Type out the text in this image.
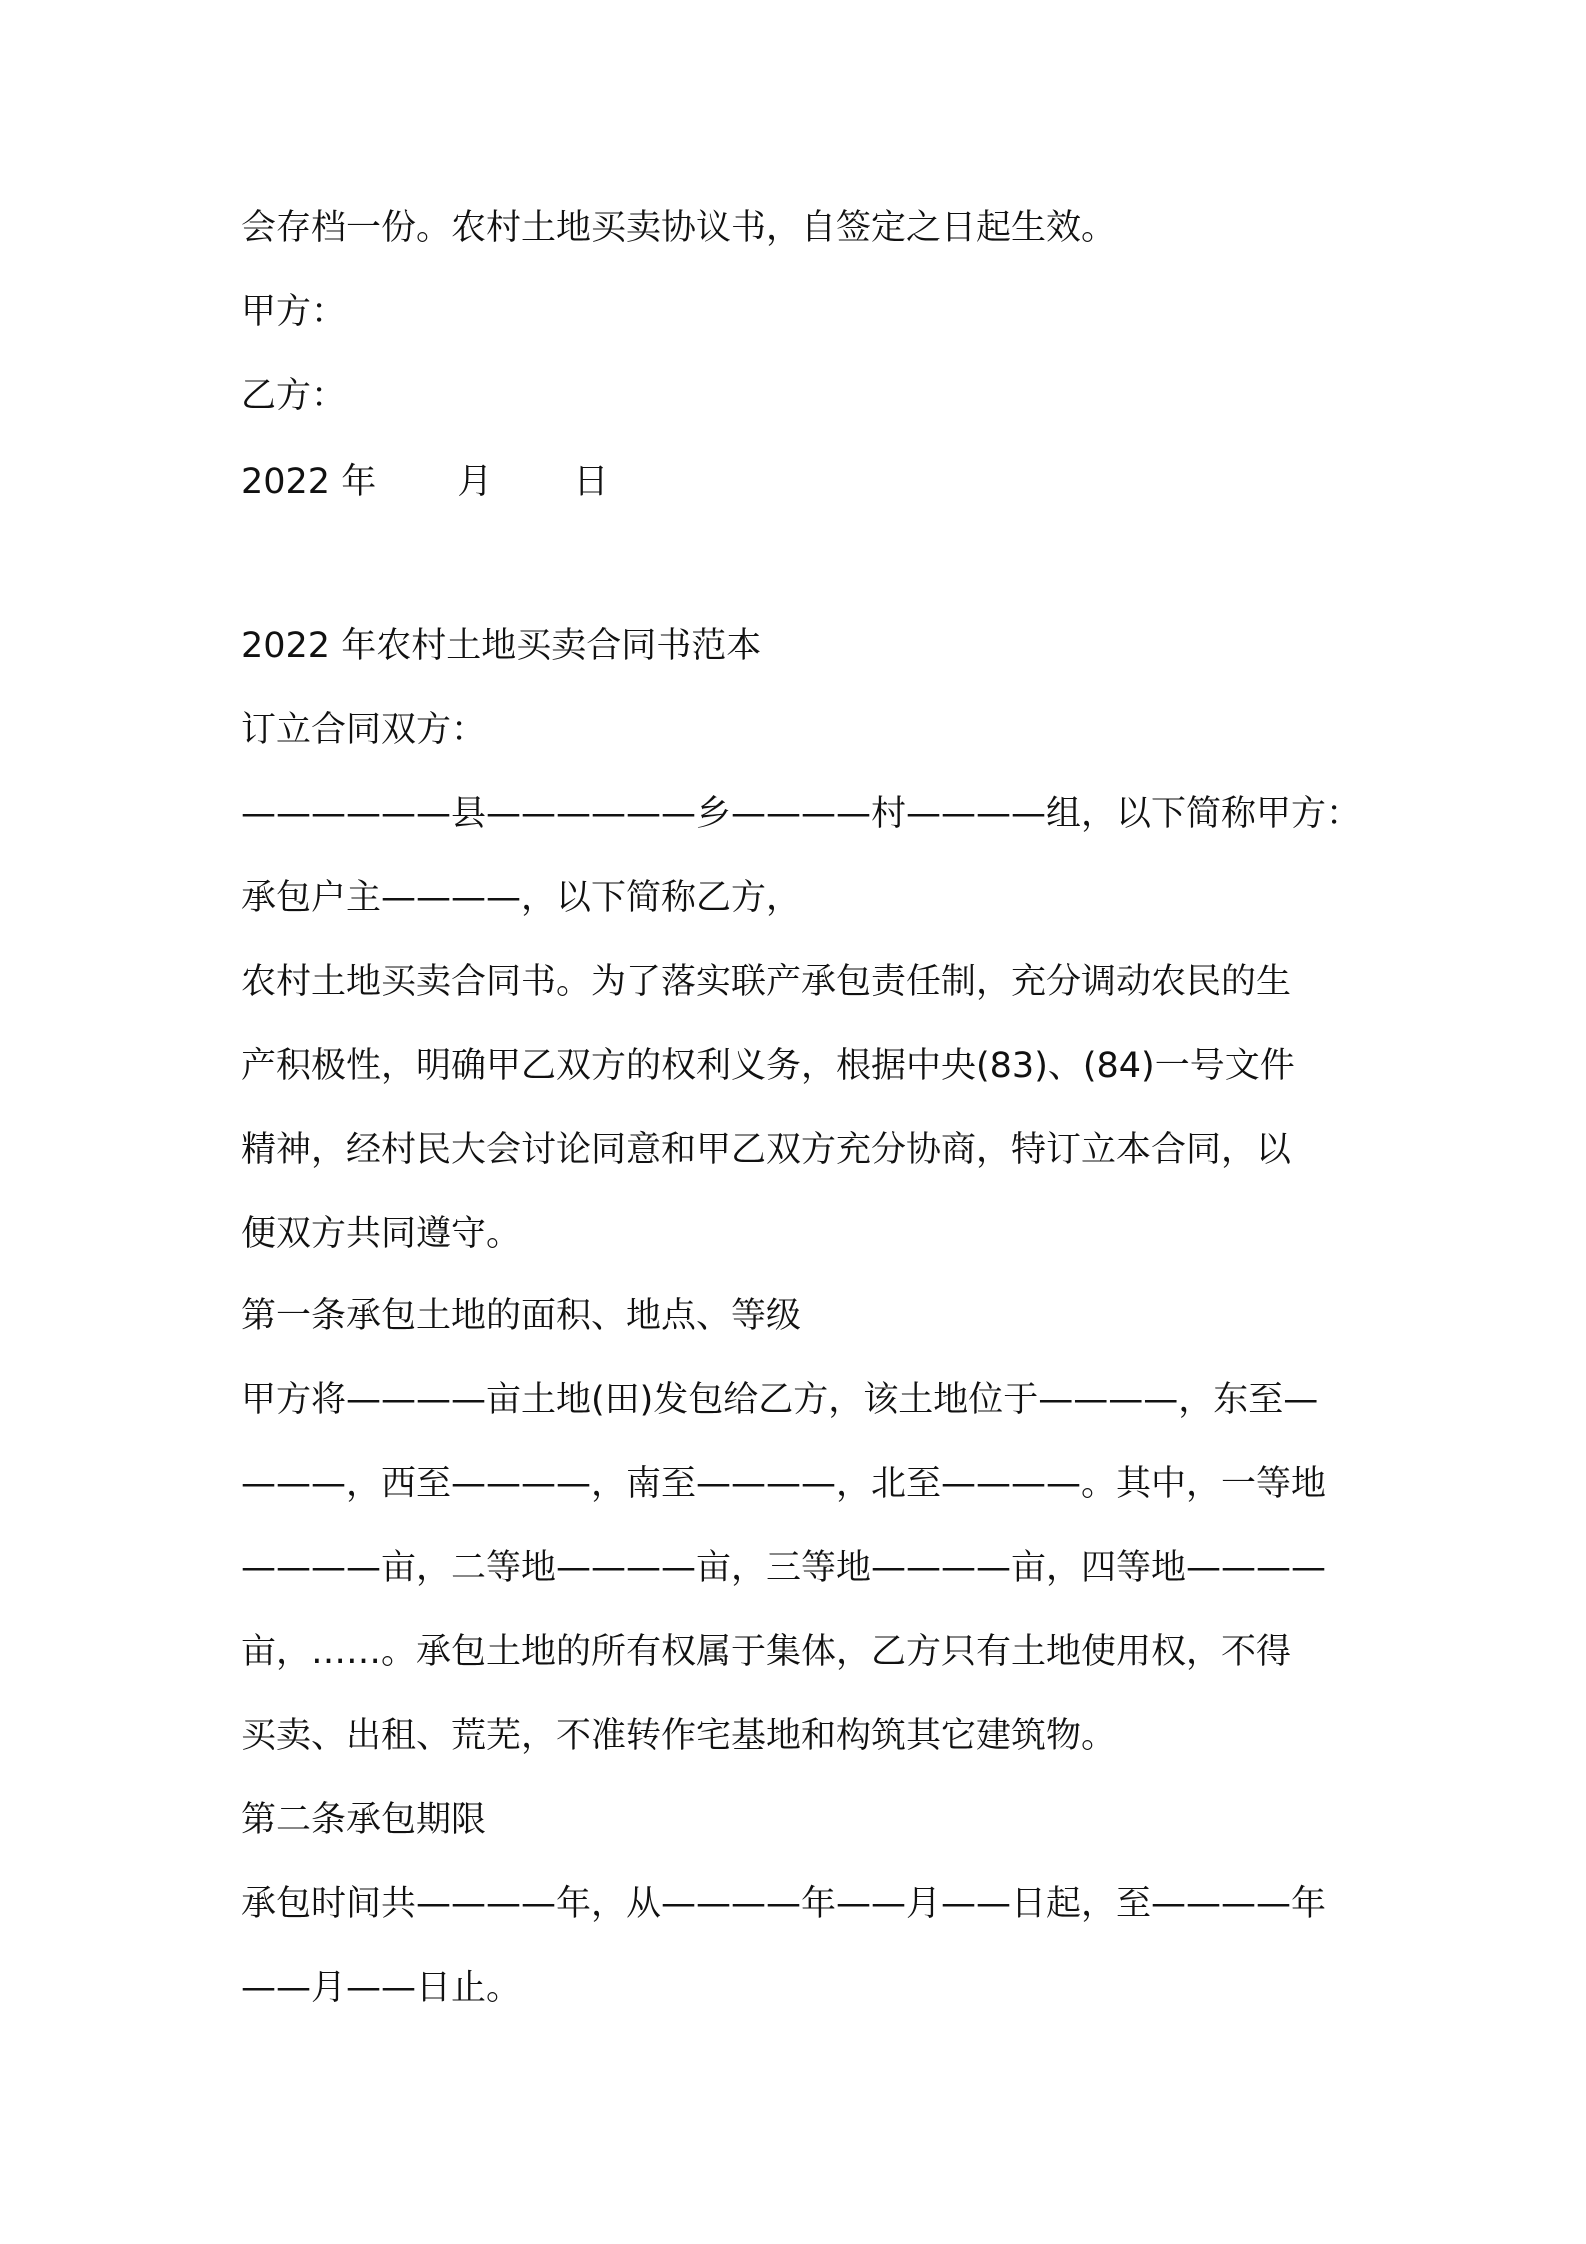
会存档一份。农村土地买卖协议书，自签定之日起生效。
甲方：
乙方：
2022 年　　 月　　 日
2022 年农村土地买卖合同书范本
订立合同双方：
——————县——————乡————村————组，以下简称甲方：
承包户主————，以下简称乙方，
农村土地买卖合同书。为了落实联产承包责任制，充分调动农民的生
产积极性，明确甲乙双方的权利义务，根据中央(83)、(84)一号文件
精神，经村民大会讨论同意和甲乙双方充分协商，特订立本合同，以
便双方共同遵守。
第一条承包土地的面积、地点、等级
甲方将————亩土地(田)发包给乙方，该土地位于————，东至—
———，西至————，南至————，北至————。其中，一等地
————亩，二等地————亩，三等地————亩，四等地————
亩，……。承包土地的所有权属于集体，乙方只有土地使用权，不得
买卖、出租、荒芜，不准转作宅基地和构筑其它建筑物。
第二条承包期限
承包时间共————年，从————年——月——日起，至————年
——月——日止。
